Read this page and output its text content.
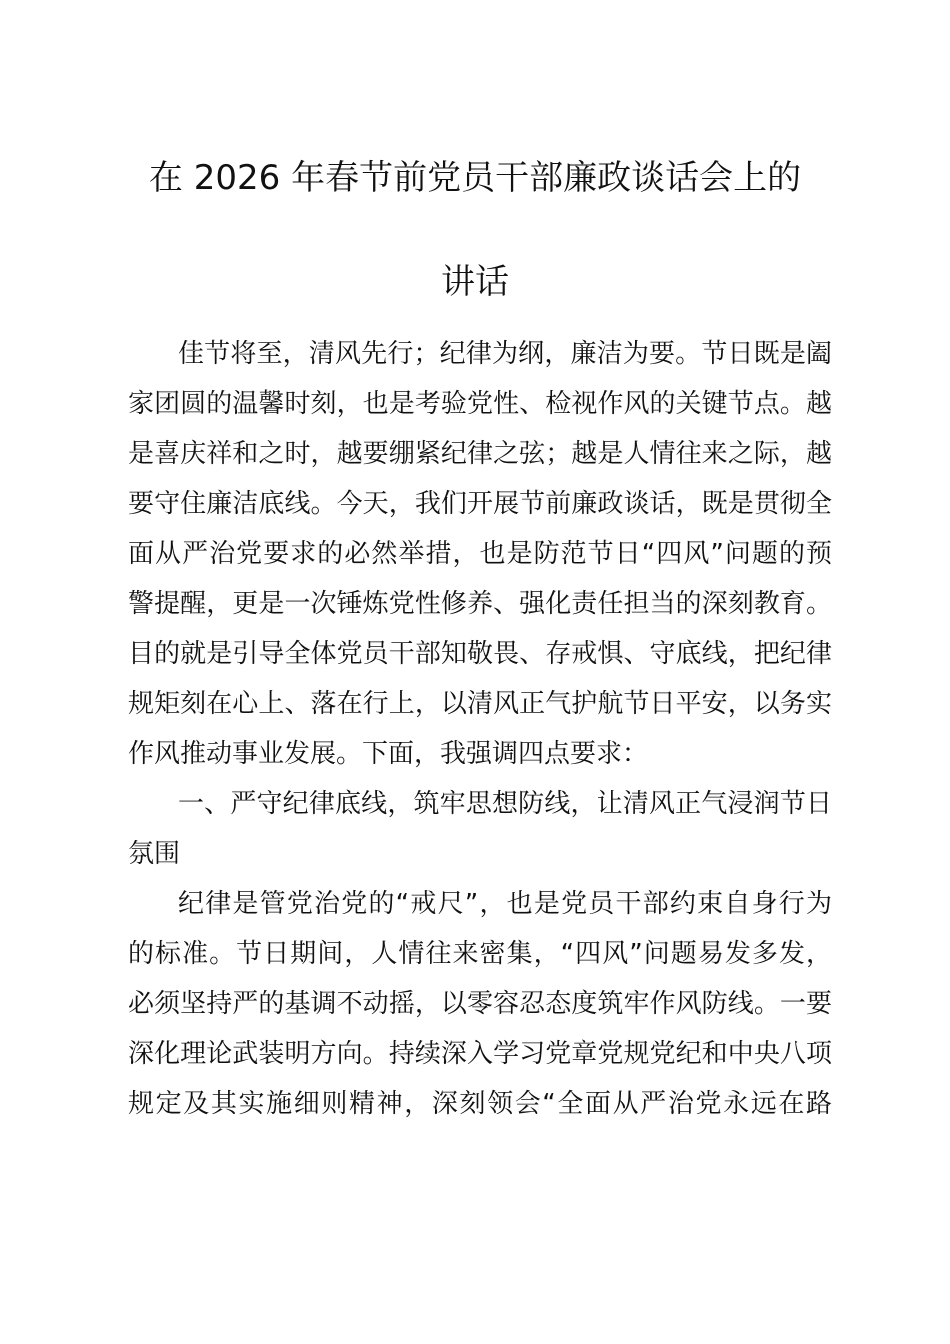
在 2026 年春节前党员干部廉政谈话会上的
讲话
佳节将至，清风先行；纪律为纲，廉洁为要。节日既是阖
家团圆的温馨时刻，也是考验党性、检视作风的关键节点。越
是喜庆祥和之时，越要绷紧纪律之弦；越是人情往来之际，越
要守住廉洁底线。今天，我们开展节前廉政谈话，既是贯彻全
面从严治党要求的必然举措，也是防范节日“四风”问题的预
警提醒，更是一次锤炼党性修养、强化责任担当的深刻教育。
目的就是引导全体党员干部知敬畏、存戒惧、守底线，把纪律
规矩刻在心上、落在行上，以清风正气护航节日平安，以务实
作风推动事业发展。下面，我强调四点要求：
一、严守纪律底线，筑牢思想防线，让清风正气浸润节日
氛围
纪律是管党治党的“戒尺”，也是党员干部约束自身行为
的标准。节日期间，人情往来密集，“四风”问题易发多发，
必须坚持严的基调不动摇，以零容忍态度筑牢作风防线。一要
深化理论武装明方向。持续深入学习党章党规党纪和中央八项
规定及其实施细则精神，深刻领会“全面从严治党永远在路
